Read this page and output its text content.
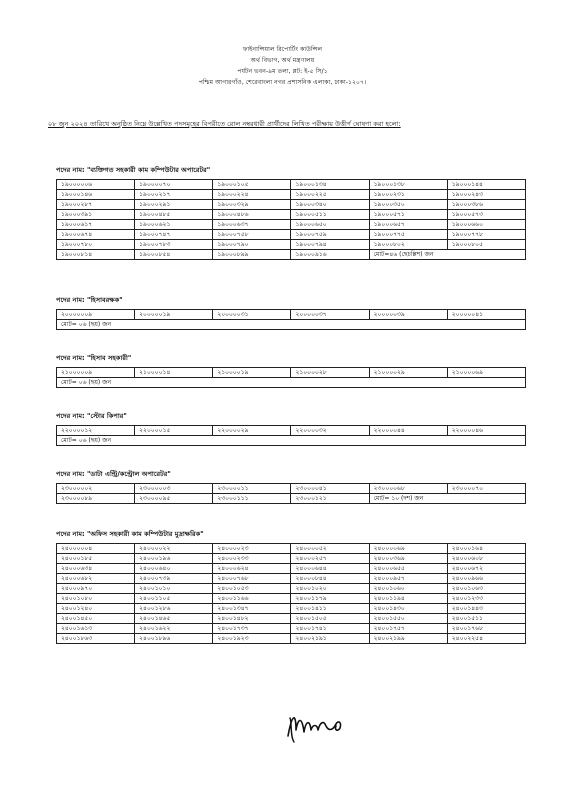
ফাইনান্সিয়াল রিপোর্টিং কাউন্সিল
অর্থ বিভাগ, অর্থ মন্ত্রণালয়
পর্যটন ভবন-৯ম তলা, প্লট: ই-৫ সি/১
পশ্চিম আগারগাঁও, শেরেবাংলা নগর প্রশাসনিক এলাকা, ঢাকা-১২০৭।
০৮ জুন ২০২৪ তারিখে অনুষ্ঠিত নিম্নে উল্লেখিত পদসমূহের বিপরীতে রোল নম্বরধারী প্রার্থীদের লিখিত পরীক্ষায় উত্তীর্ণ ঘোষণা করা হলো:
পদের নাম: "ব্যক্তিগত সহকারী কাম কম্পিউটার অপারেটর"
১৯০০০০০৬	১৯০০০০৭০	১৯০০০১০৫	১৯০০০১৩৪	১৯০০০১৩৮	১৯০০০১৪৪
১৯০০০১৪৬	১৯০০০২১৭	১৯০০০২২৪	১৯০০০২২৫	১৯০০০২৩১	১৯০০০২৪৩
১৯০০০২৮৭	১৯০০০২৯১	১৯০০০৩২৯	১৯০০০৩৪০	১৯০০০৩৫০	১৯০০০৩৮৬
১৯০০০৩৯১	১৯০০০৪৮৫	১৯০০০৪৮৬	১৯০০০৫১১	১৯০০০৫৭১	১৯০০০৫৭৩
১৯০০০৬১৭	১৯০০০৬২১	১৯০০০৬৩৭	১৯০০০৬৫০	১৯০০০৬৫৭	১৯০০০৬৬০
১৯০০০৬৭৪	১৯০০০৭৪৭	১৯০০০৭৫৮	১৯০০০৭৫৯	১৯০০০৭৭৫	১৯০০০৭৭৮
১৯০০০৭৮০	১৯০০০৭৮৩	১৯০০০৭৯০	১৯০০০৭৯৪	১৯০০০৮০২	১৯০০০৮০৫
১৯০০০৮১৪	১৯০০০৮৫৪	১৯০০০৮৯৯	১৯০০০৯১৬	মোট=৪৬ (ছেচল্লিশ) জন	
পদের নাম: "হিসাবরক্ষক"
২০০০০০০৯	২০০০০০১৯	২০০০০০৩১	২০০০০০৩৭	২০০০০০৩৯	২০০০০০৪১
মোট= ০৬ (ছয়) জন
পদের নাম: "হিসাব সহকারী"
২১০০০০০৯	২১০০০০১৪	২১০০০০১৯	২১০০০০২৮	২১০০০০২৯	২১০০০০৬৯
মোট= ০৬ (ছয়) জন
পদের নাম: "স্টোর কিপার"
২২০০০০১২	২২০০০০১৫	২২০০০০২৯	২২০০০০৩২	২২০০০০৪৪	২২০০০০৪৬
মোট= ০৬ (ছয়) জন
পদের নাম: "ডাটা এন্ট্রি/কন্ট্রোল অপারেটর"
২৩০০০০০২	২৩০০০০০৩	২৩০০০০১১	২৩০০০০৪১	২৩০০০০৬৮	২৩০০০০৭০
২৩০০০০৮৯	২৩০০০০৯৫	২৩০০০১১১	২৩০০০১২১	মোট= ১০ (দশ) জন	
পদের নাম: "অফিস সহকারী কাম কম্পিউটার মুদ্রাক্ষরিক"
২৪০০০০০৪	২৪০০০০২২	২৪০০০০২৩	২৪০০০০৫২	২৪০০০০৬৯	২৪০০০১৬৪
২৪০০০১৮৫	২৪০০০১৯৬	২৪০০০২৩৩	২৪০০০২৫৭	২৪০০০৩৬৯	২৪০০০৬০৮
২৪০০০৬৩৪	২৪০০০৬৪০	২৪০০০৬২৪	২৪০০০৬৪৪	২৪০০০৬৫৫	২৪০০০৬৭২
২৪০০০৬৮২	২৪০০০৭৩৯	২৪০০০৭৬৮	২৪০০০৮৪৪	২৪০০০৯৫৭	২৪০০০৯৬৬
২৪০০০৯৭০	২৪০০১০১০	২৪০০১০৫৩	২৪০০১০২০	২৪০০১০৬০	২৪০০১০৬৩
২৪০০১০৮০	২৪০০১১০৫	২৪০০১১৬৬	২৪০০১১৭৯	২৪০০১১৯৪	২৪০০১২৩৩
২৪০০১২৪০	২৪০০১২৮৬	২৪০০১৩৪৭	২৪০০১৪১১	২৪০০১৪৩০	২৪০০১৪৪৩
২৪০০১৪৫০	২৪০০১৪৬৫	২৪০০১৪৮২	২৪০০১৫০৫	২৪০০১৫৫০	২৪০০১৫১১
২৪০০১৬১৩	২৪০০১৬২২	২৪০০১৭৩৭	২৪০০১৭৪১	২৪০০১৭৫৭	২৪০০১৭৬৮
২৪০০১৮৬৩	২৪০০১৮৯৬	২৪০০১৯২৩	২৪০০২১৯১	২৪০০২১৯৯	২৪০০২২৫৪
